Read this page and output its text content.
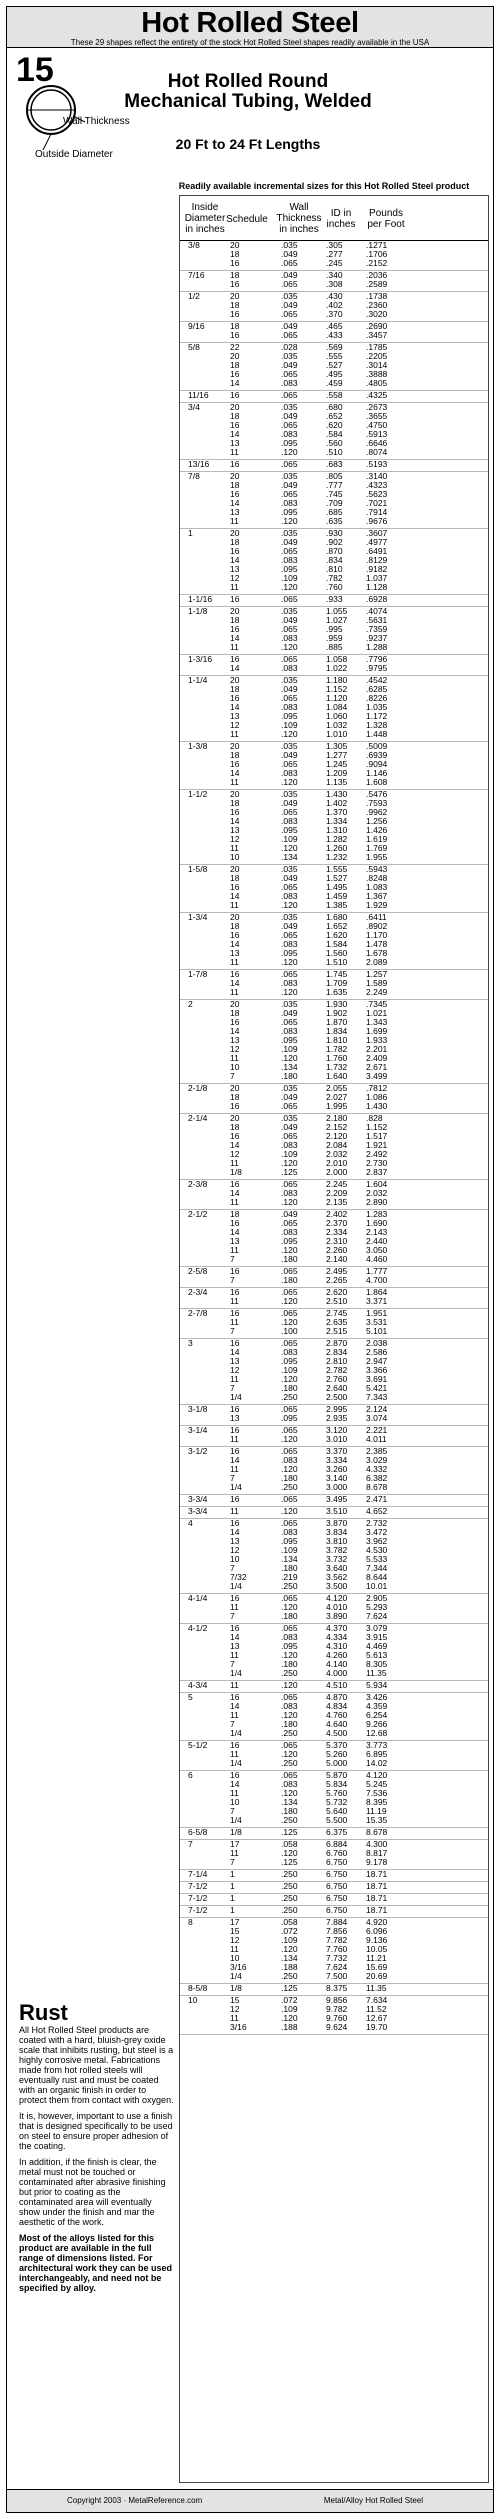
Hot Rolled Steel
These 29 shapes reflect the entirety of the stock Hot Rolled Steel shapes readily available in the USA
15
Wall Thickness
Outside Diameter
Hot Rolled Round Mechanical Tubing, Welded
20 Ft to 24 Ft Lengths
Readily available incremental sizes for this Hot Rolled Steel product
Inside Diameter in inches
Schedule
Wall Thickness in inches
ID in inches
Pounds per Foot
3/8	20	.035	.305	.1271
18	.049	.277	.1706
16	.065	.245	.2152
7/16	18	.049	.340	.2036
16	.065	.308	.2589
1/2	20	.035	.430	.1738
18	.049	.402	.2360
16	.065	.370	.3020
9/16	18	.049	.465	.2690
16	.065	.433	.3457
5/8	22	.028	.569	.1785
20	.035	.555	.2205
18	.049	.527	.3014
16	.065	.495	.3888
14	.083	.459	.4805
11/16	16	.065	.558	.4325
3/4	20	.035	.680	.2673
18	.049	.652	.3655
16	.065	.620	.4750
14	.083	.584	.5913
13	.095	.560	.6646
11	.120	.510	.8074
13/16 16	.065	.683	.5193
7/8	20	.035	.805	.3140
18	.049	.777	.4323
16	.065	.745	.5623
14	.083	.709	.7021
13	.095	.685	.7914
11	.120	.635	.9676
1	20	.035	.930	.3607
18	.049	.902	.4977
16	.065	.870	.6491
14	.083	.834	.8129
13	.095	.810	.9182
12	.109	.782	1.037
11	.120	.760	1.128
1-1/16 16	.065	.933	.6928
1-1/8	20	.035	1.055 .4074
18	.049	1.027 .5631
16	.065	.995	.7359
14	.083	.959	.9237
11	.120	.885	1.288
1-3/16 16	.065	1.058 .7796
14	.083	1.022 .9795
1-1/4	20	.035	1.180 .4542
18	.049	1.152 .6285
16	.065	1.120 .8226
14	.083	1.084 1.035
13	.095	1.060 1.172
12	.109	1.032 1.328
11	.120	1.010 1.448
1-3/8	20	.035	1.305 .5009
18	.049	1.277 .6939
16	.065	1.245 .9094
14	.083	1.209 1.146
11	.120	1.135 1.608
1-1/2	20	.035	1.430 .5476
18	.049	1.402 .7593
16	.065	1.370 .9962
14	.083	1.334 1.256
13	.095	1.310 1.426
12	.109	1.282 1.619
11	.120	1.260 1.769
10	.134	1.232 1.955
1-5/8	20	.035	1.555 .5943
18	.049	1.527 .8248
16	.065	1.495 1.083
14	.083	1.459 1.367
11	.120	1.385 1.929
1-3/4	20	.035	1.680 .6411
18	.049	1.652 .8902
16	.065	1.620 1.170
14	.083	1.584 1.478
13	.095	1.560 1.678
11	.120	1.510 2.089
1-7/8	16	.065	1.745 1.257
14	.083	1.709 1.589
11	.120	1.635 2.249
2	20	.035	1.930 .7345
18	.049	1.902 1.021
16	.065	1.870 1.343
14	.083	1.834 1.699
13	.095	1.810 1.933
12	.109	1.782 2.201
11	.120	1.760 2.409
10	.134	1.732 2.671
7	.180	1.640 3.499
2-1/8	20	.035	2.055 .7812
18	.049	2.027 1.086
16	.065	1.995 1.430
2-1/4	20	.035	2.180 .828
18	.049	2.152 1.152
16	.065	2.120 1.517
14	.083	2.084 1.921
12	.109	2.032 2.492
11	.120	2.010 2.730
1/8	.125	2.000 2.837
2-3/8	16	.065	2.245 1.604
14	.083	2.209 2.032
11	.120	2.135 2.890
2-1/2	18	.049	2.402 1.283
16	.065	2.370 1.690
14	.083	2.334 2.143
13	.095	2.310 2.440
11	.120	2.260 3.050
7	.180	2.140 4.460
2-5/8	16	.065	2.495 1.777
7	.180	2.265 4.700
2-3/4	16	.065	2.620 1.864
11	.120	2.510 3.371
2-7/8	16	.065	2.745 1.951
11	.120	2.635 3.531
7	.100	2.515 5.101
3	16	.065	2.870 2.038
14	.083	2.834 2.586
13	.095	2.810 2.947
12	.109	2.782 3.366
11	.120	2.760 3.691
7	.180	2.640 5.421
1/4	.250	2.500 7.343
3-1/8	16	.065	2.995 2.124
13	.095	2.935 3.074
3-1/4	16	.065	3.120 2.221
11	.120	3.010 4.011
3-1/2	16	.065	3.370 2.385
14	.083	3.334 3.029
11	.120	3.260 4.332
7	.180	3.140 6.382
1/4	.250	3.000 8.678
3-3/4	16	.065	3.495 2.471
3-3/4	11	.120	3.510 4.652
4	16	.065	3.870 2.732
14	.083	3.834 3.472
13	.095	3.810 3.962
12	.109	3.782 4.530
10	.134	3.732 5.533
7	.180	3.640 7.344
7/32	.219	3.562 8.644
1/4	.250	3.500 10.01
4-1/4	16	.065	4.120 2.905
11	.120	4.010 5.293
7	.180	3.890 7.624
4-1/2	16	.065	4.370 3.079
14	.083	4.334 3.915
13	.095	4.310 4.469
11	.120	4.260 5.613
7	.180	4.140 8.305
1/4	.250	4.000 11.35
4-3/4	11	.120	4.510 5.934
5	16	.065	4.870 3.426
14	.083	4.834 4.359
11	.120	4.760 6.254
7	.180	4.640 9.266
1/4	.250	4.500 12.68
5-1/2	16	.065	5.370 3.773
11	.120	5.260 6.895
1/4	.250	5.000 14.02
6	16	.065	5.870 4.120
14	.083	5.834 5.245
11	.120	5.760 7.536
10	.134	5.732 8.395
7	.180	5.640 11.19
1/4	.250	5.500 15.35
6-5/8	1/8	.125	6.375 8.678
7	17	.058	6.884 4.300
11	.120	6.760 8.817
7	.125	6.750 9.178
7-1/4	1	.250	6.750 18.71
7-1/2	1	.250	6.750 18.71
7-1/2	1	.250	6.750 18.71
7-1/2	1	.250	6.750 18.71
8	17	.058	7.884 4.920
15	.072	7.856 6.096
12	.109	7.782 9.136
11	.120	7.760 10.05
10	.134	7.732 11.21
3/16	.188	7.624 15.69
1/4	.250	7.500 20.69
8-5/8	1/8	.125	8.375 11.35
10	15	.072	9.856 7.634
12	.109	9.782 11.52
11	.120	9.760 12.67
3/16	.188	9.624 19.70
Rust

All Hot Rolled Steel products are coated with a hard, bluish-grey oxide scale that inhibits rusting, but steel is a highly corrosive metal. Fabrications made from hot rolled steels will eventually rust and must be coated with an organic finish in order to protect them from contact with oxygen.

It is, however, important to use a finish that is designed specifically to be used on steel to ensure proper adhesion of the coating.

In addition, if the finish is clear, the metal must not be touched or contaminated after abrasive finishing but prior to coating as the contaminated area will eventually show under the finish and mar the aesthetic of the work.

Most of the alloys listed for this product are available in the full range of dimensions listed. For architectural work they can be used interchangeably, and need not be specified by alloy.

Copyright 2003 · MetalReference.com	Metal/Alloy Hot Rolled Steel
